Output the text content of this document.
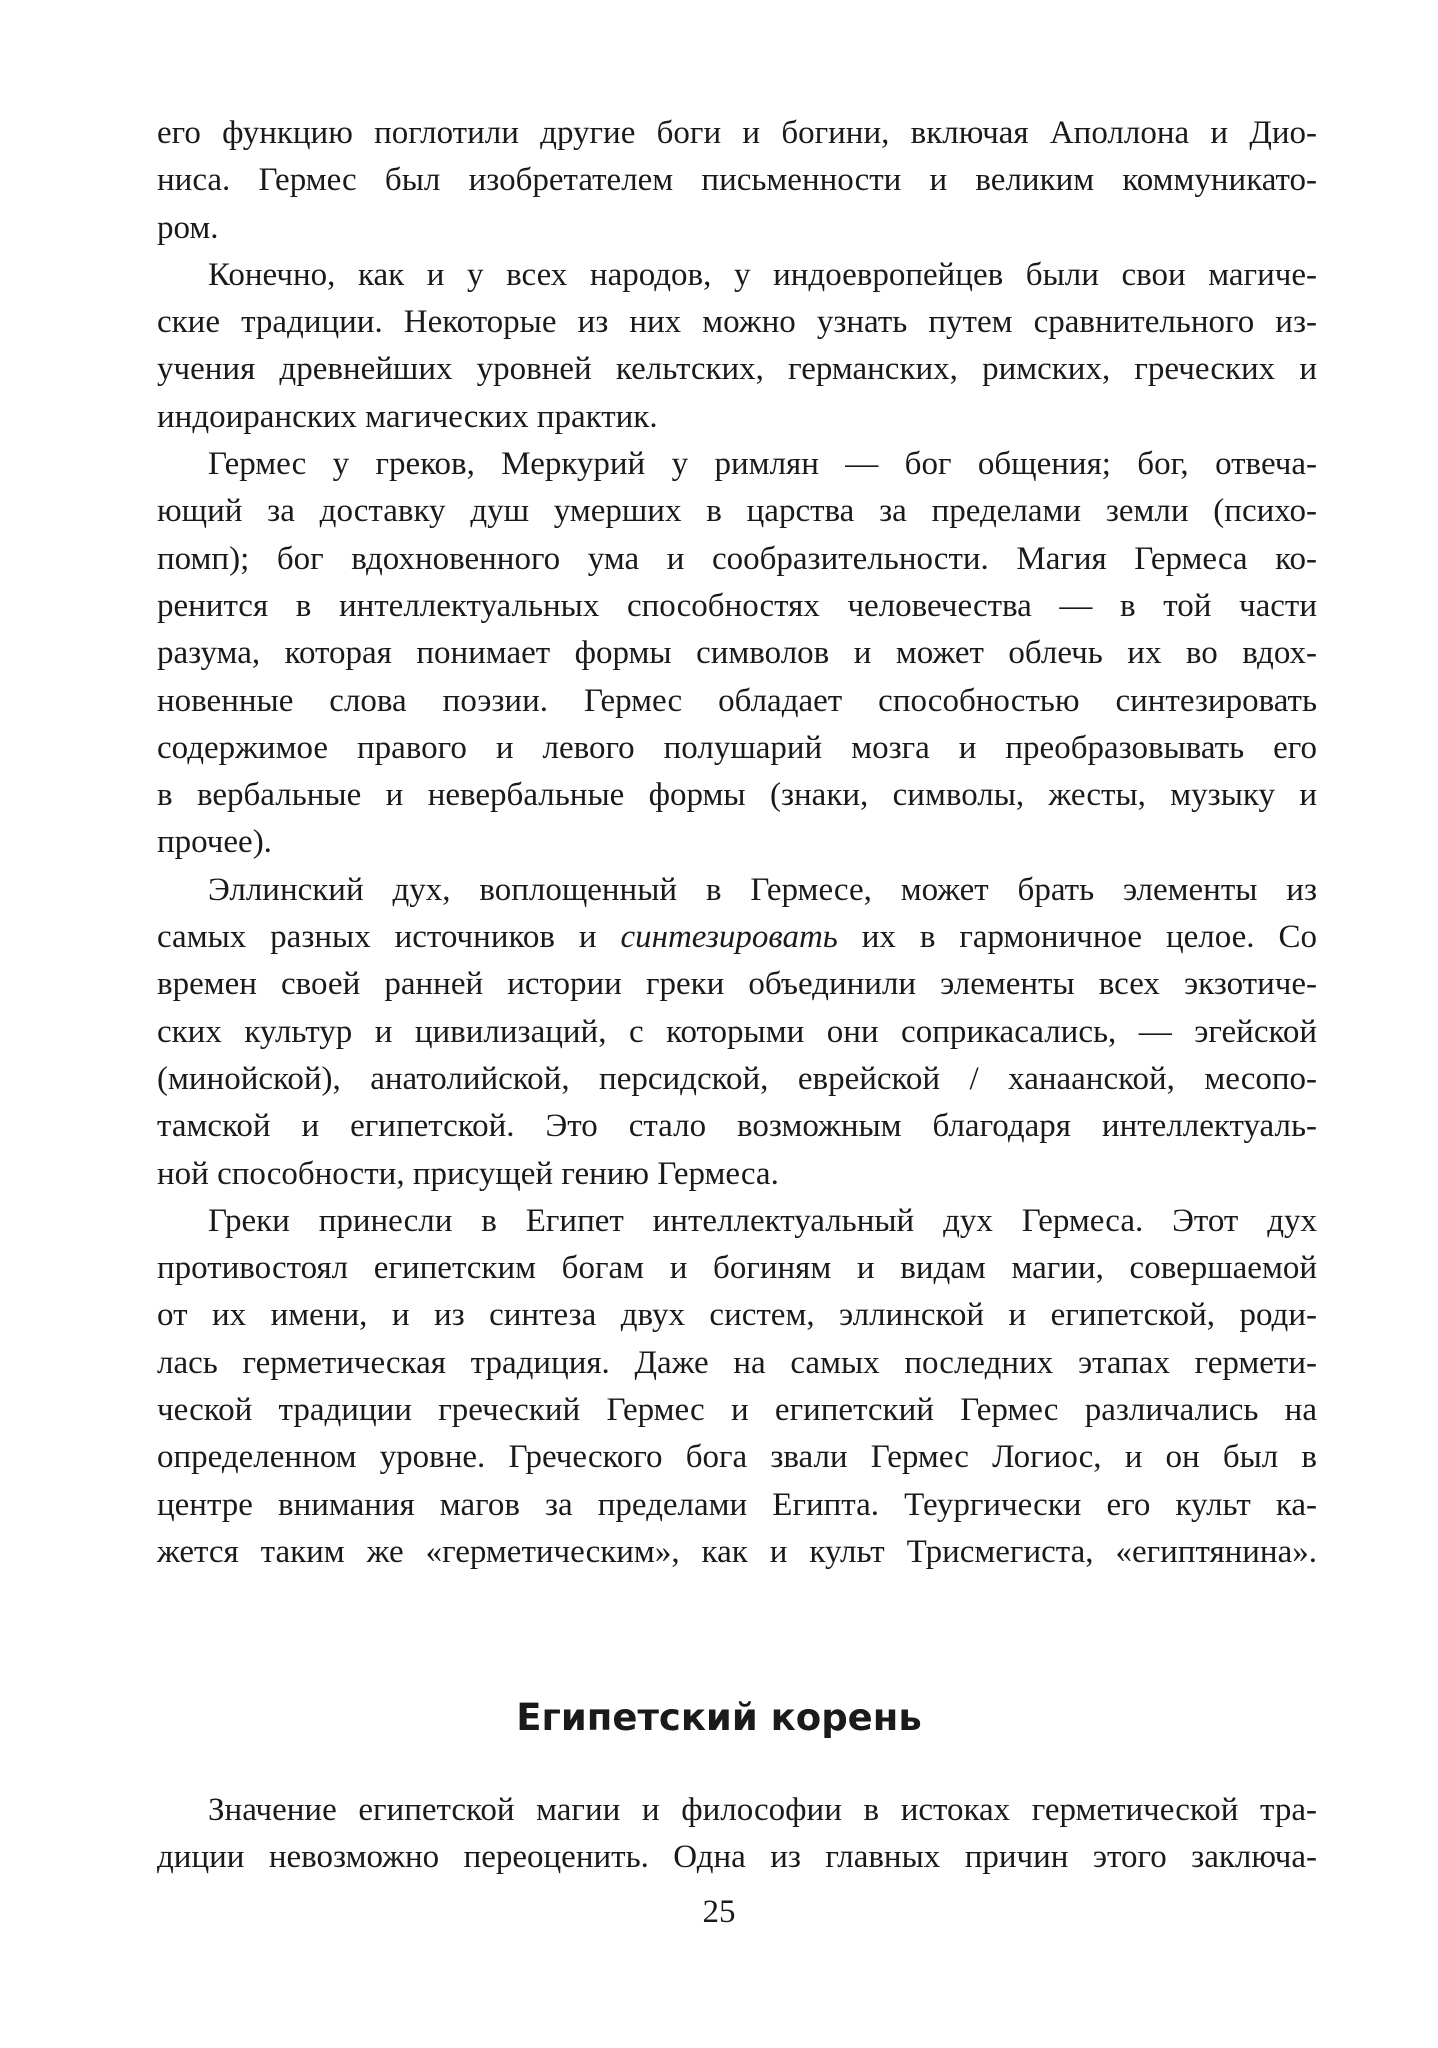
его функцию поглотили другие боги и богини, включая Аполлона и Дио-
ниса. Гермес был изобретателем письменности и великим коммуникато-
ром.
Конечно, как и у всех народов, у индоевропейцев были свои магиче-
ские традиции. Некоторые из них можно узнать путем сравнительного из-
учения древнейших уровней кельтских, германских, римских, греческих и
индоиранских магических практик.
Гермес у греков, Меркурий у римлян — бог общения; бог, отвеча-
ющий за доставку душ умерших в царства за пределами земли (психо-
помп); бог вдохновенного ума и сообразительности. Магия Гермеса ко-
ренится в интеллектуальных способностях человечества — в той части
разума, которая понимает формы символов и может облечь их во вдох-
новенные слова поэзии. Гермес обладает способностью синтезировать
содержимое правого и левого полушарий мозга и преобразовывать его
в вербальные и невербальные формы (знаки, символы, жесты, музыку и
прочее).
Эллинский дух, воплощенный в Гермесе, может брать элементы из
самых разных источников и синтезировать их в гармоничное целое. Со
времен своей ранней истории греки объединили элементы всех экзотиче-
ских культур и цивилизаций, с которыми они соприкасались, — эгейской
(минойской), анатолийской, персидской, еврейской / ханаанской, месопо-
тамской и египетской. Это стало возможным благодаря интеллектуаль-
ной способности, присущей гению Гермеса.
Греки принесли в Египет интеллектуальный дух Гермеса. Этот дух
противостоял египетским богам и богиням и видам магии, совершаемой
от их имени, и из синтеза двух систем, эллинской и египетской, роди-
лась герметическая традиция. Даже на самых последних этапах гермети-
ческой традиции греческий Гермес и египетский Гермес различались на
определенном уровне. Греческого бога звали Гермес Логиос, и он был в
центре внимания магов за пределами Египта. Теургически его культ ка-
жется таким же «герметическим», как и культ Трисмегиста, «египтянина».
Египетский корень
Значение египетской магии и философии в истоках герметической тра-
диции невозможно переоценить. Одна из главных причин этого заключа-
25
